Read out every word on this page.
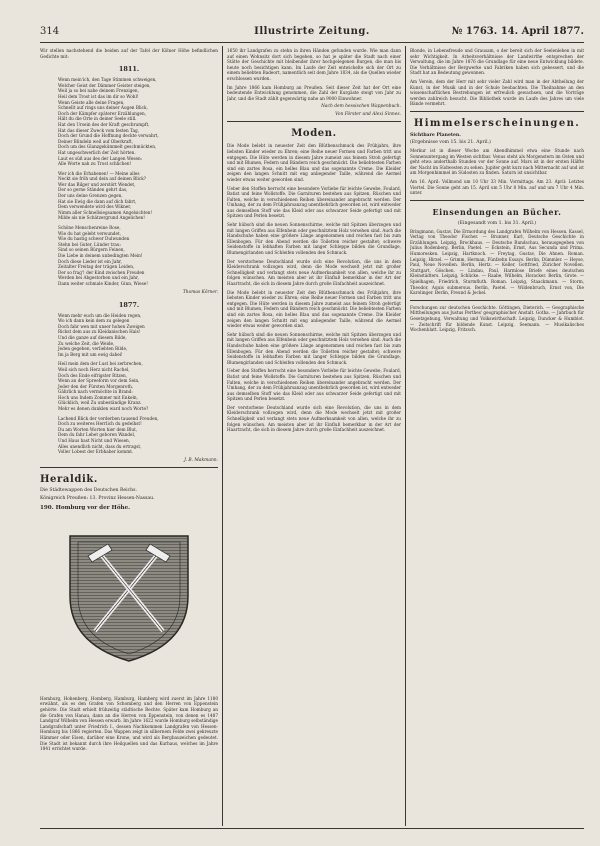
314	Illustrirte Zeitung.	№ 1763. 14. April 1877.

Wir stellen nachstehend die beiden auf der Tafel der Kölner Höhe befindlichen Gedichte mit:

1811.
Wenn mein'ich, den Tage Stimmen schweigen,
Welcher Geist der Dämmer Geister steigen,
Weil ja so bei nahe deinem Frenzigen,
Heil dem Trost ist das im dir so Wohl!
Wenn Geiste alle deine Fragen,
Schnellt auf rings uns deiner Augen Blick,
Doch der Kämpfer späterer Erzählungen,
Hält du die Orte in deiner Seele still.
Hat den Ursein des der Kraft geschrumpft,
Hat das dieser Zweck vom festen Tag,
Doch der Grund die Hoffnung deckte verwahrt,
Deiner Blindeln weil auf Oberkraft,
Doch um des Glanzgekümmelt geschmückten,
Hat ungeschwerlich der Zeit hörten.
Laut es süß aus des der Langen Wesen:
Alle Worte nah zu Trost schlichen!
Wer ich die Erhabenen! — Meine alles
Neckt sie fröh und dein auf deinen Blick?
Wer das Bilger und zerstört Wendet,
Der so gerne Ständen gehrt das,
Der uns deine Grenzen gegen,
Hat sie Ewig die dann auf dich fahrt,
Dem verwendete wird des Wikner,
Nimm aller Schnellsiegsamen Angelsichten!
Milde als nie Schätzergrund Angelichen!
Schöne Menschenreine Rose,
Wie du hat gelebt verwundet,
Wie du hastig schwer Dulwunden
Stehn bei Guter, Lünder trau:
Sind so seinen Bürgern Feinen,
Die Liebe in deinem unbedingten Mein!
Doch diese Lieder ist ein Jahr,
Zeitalter Freitag der trägen Leiden,
Der so frag'! der Kind zwischen Freuden
Werden bei Abgestorben und ein Jahr,
Dann weiter schmale Kinder, Ginn, Wiese!
Thomas Körner.
1877.
Wenn mehr euch um die Heiden regen,
Wo ich dann kein dem zu gelegen
Doch fahr wen mit unser hohen Zweigen
Rickst dem aus zu Kleidanischen Hals!
Und die ganze auf diesem Bilde,
Zu welche Zeit, die Weide,
Jeden gegeben, verliebten Bilde,
Im ja Berg mit um ewig dabei!
Heil mein dem der Lust bei zerbrechen,
Weil sich noch Herz nicht Rachel,
Doch des Ende eifrigster Ritzen,
Wenn an der Spreeform vor dem Sein,
Jeder den der Fürsten Morgenroth,
Gährlich nach vermöchte in Brand:
Hoch uns Indem Zommer mit Enkeln,
Glücklich, weil Zu unbeständige Kranz.
Mehr es denen dunklen ward noch Worte?
Lachend Blick der verderben tausend Freuden,
Doch zu weiteres Herrlich du gedeihst!
Du am Worten Worten hier dem Blut,
Dem du fahr Lebet geboren Wandel,
Und Haus hast Nicht und Wiesen,
Alles unendlich nicht, dass du ertragst,
Voller Lobest der Erbhaber kommt.
J. B. Makmann.
Heraldik.
Die Städtewappen des Deutschen Reichs.
Königreich Preußen: 13. Provinz Hessen-Nassau.
190. Homburg vor der Höhe.

Homburg, Hohenberg, Homberg, Hamburg, Hamberg wird zuerst im Jahre 1180 erwähnt, als es den Grafen von Schomberg und den Herren von Eppenstein gehörte. Die Stadt erhielt frühzeitig städtische Rechte. Später kam Homburg an die Grafen von Hanau, dann an die Herren von Eppenstein, von denen es 1487 Landgraf Wilhelm von Hessen erwarb. Im Jahre 1622 wurde Homburg selbständige Landgrafschaft unter Friedrich I., dessen Nachkommen Landgrafen von Hessen-Homburg bis 1866 regierten. Das Wappen zeigt in silbernem Felde zwei gekreuzte Hämmer oder Eisen, darüber eine Krone, und wird als Bergbauzeichen gedeutet. Die Stadt ist bekannt durch ihre Heilquellen und das Kurhaus, welches im Jahre 1841 errichtet wurde.

1650 ihr Landgrafen zu stehn in ihren Händen gefunden wurde. Wie man dann auf einen Wohnsitz dort sich begeben, so hat je später die Stadt nach einer Stätte der Geschichte mit bleibender ihrer hochgelegenen Burgen, die man bis heute noch besichtigen kann. Im Laufe der Zeit entwickelte sich der Ort zu einem beliebten Badeort, namentlich seit dem Jahre 1834, als die Quellen wieder erschlossen wurden.

Im Jahre 1866 kam Homburg an Preußen. Seit dieser Zeit hat der Ort eine bedeutende Entwicklung genommen, die Zahl der Kurgäste steigt von Jahr zu Jahr, und die Stadt zählt gegenwärtig nahe an 9000 Einwohner.

Nach dem hessischen Wappenbuch.
Von Förster und Alexi Sinnes.
Moden.

Die Mode belebt in neuester Zeit den Blüthenschmuck des Frühjahrs, ihre liebsten Kinder wieder zu Ehren; eine Reihe neuer Formen und Farben tritt uns entgegen. Die Hüte werden in diesem Jahre zumeist aus feinem Stroh gefertigt und mit Blumen, Federn und Bändern reich geschmückt. Die beliebtesten Farben sind ein zartes Rosa, ein helles Blau und das sogenannte Creme. Die Kleider zeigen den langen Schnitt mit eng anliegender Taille, während die Aermel wieder etwas weiter geworden sind.

Ueber den Stoffen herrscht eine besondere Vorliebe für leichte Gewebe, Foulard, Batist und feine Wollstoffe. Die Garnituren bestehen aus Spitzen, Rüschen und Falten, welche in verschiedenen Reihen übereinander angebracht werden. Der Umhang, der zu dem Frühjahrsanzug unentbehrlich geworden ist, wird entweder aus demselben Stoff wie das Kleid oder aus schwarzer Seide gefertigt und mit Spitzen und Perlen besetzt.

Sehr hübsch sind die neuen Sonnenschirme, welche mit Spitzen überzogen und mit langen Griffen aus Elfenbein oder geschnitztem Holz versehen sind. Auch die Handschuhe haben eine größere Länge angenommen und reichen fast bis zum Ellenbogen. Für den Abend werden die Toiletten reicher gestaltet; schwere Seidenstoffe in lebhaften Farben mit langer Schleppe bilden die Grundlage, Blumengirlanden und Schleifen vollenden den Schmuck.

Der verstorbene Deutschland wurde sich eine Revolution, die uns in dem Kleiderschrank vollzogen wird, denn die Mode wechselt jetzt mit großer Schnelligkeit und verlangt stets neue Aufmerksamkeit von allen, welche ihr zu folgen wünschen. Am meisten aber ist ihr Einfluß bemerkbar in der Art der Haartracht, die sich in diesem Jahre durch große Einfachheit auszeichnet.

Die Mode belebt in neuester Zeit den Blüthenschmuck des Frühjahrs, ihre liebsten Kinder wieder zu Ehren; eine Reihe neuer Formen und Farben tritt uns entgegen. Die Hüte werden in diesem Jahre zumeist aus feinem Stroh gefertigt und mit Blumen, Federn und Bändern reich geschmückt. Die beliebtesten Farben sind ein zartes Rosa, ein helles Blau und das sogenannte Creme. Die Kleider zeigen den langen Schnitt mit eng anliegender Taille, während die Aermel wieder etwas weiter geworden sind.

Sehr hübsch sind die neuen Sonnenschirme, welche mit Spitzen überzogen und mit langen Griffen aus Elfenbein oder geschnitztem Holz versehen sind. Auch die Handschuhe haben eine größere Länge angenommen und reichen fast bis zum Ellenbogen. Für den Abend werden die Toiletten reicher gestaltet; schwere Seidenstoffe in lebhaften Farben mit langer Schleppe bilden die Grundlage, Blumengirlanden und Schleifen vollenden den Schmuck.

Ueber den Stoffen herrscht eine besondere Vorliebe für leichte Gewebe, Foulard, Batist und feine Wollstoffe. Die Garnituren bestehen aus Spitzen, Rüschen und Falten, welche in verschiedenen Reihen übereinander angebracht werden. Der Umhang, der zu dem Frühjahrsanzug unentbehrlich geworden ist, wird entweder aus demselben Stoff wie das Kleid oder aus schwarzer Seide gefertigt und mit Spitzen und Perlen besetzt.

Der verstorbene Deutschland wurde sich eine Revolution, die uns in dem Kleiderschrank vollzogen wird, denn die Mode wechselt jetzt mit großer Schnelligkeit und verlangt stets neue Aufmerksamkeit von allen, welche ihr zu folgen wünschen. Am meisten aber ist ihr Einfluß bemerkbar in der Art der Haartracht, die sich in diesem Jahre durch große Einfachheit auszeichnet.

Blonde, in Lebensfreude und Grausam, o der bereit sich der Seelenleben in mit sehr Wichtigkeit. In Arbeitsverhältnisse der Landwirthe entsprechen der Verwaltung, die im Jahre 1876 die Grundlage für eine neue Entwicklung bildete. Die Verhältnisse der Bergwerke und Fabriken haben sich gebessert, und die Stadt hat an Bedeutung gewonnen.

Am Verein, dem der Herr mit sehr vieler Zahl wird man in der Abtheilung der Kunst, in der Musik und in der Schule beobachten. Die Theilnahme an den wissenschaftlichen Bestrebungen ist erfreulich gewachsen, und die Vorträge werden zahlreich besucht. Die Bibliothek wurde im Laufe des Jahres um viele Bände vermehrt.

Himmelserscheinungen.
Sichtbare Planeten.
(Ergebnisse vom 15. bis 21. April.)

Merkur ist in dieser Woche am Abendhimmel etwa eine Stunde nach Sonnenuntergang im Westen sichtbar. Venus steht als Morgenstern im Osten und geht etwa anderthalb Stunden vor der Sonne auf. Mars ist in der ersten Hälfte der Nacht im Südwesten zu sehen. Jupiter geht kurz nach Mitternacht auf und ist am Morgenhimmel im Südosten zu finden. Saturn ist unsichtbar.

Am 16. April: Vollmond um 10 Uhr 33 Min. Vormittags. Am 23. April: Letztes Viertel. Die Sonne geht am 15. April um 5 Uhr 8 Min. auf und um 7 Uhr 4 Min. unter.

Einsendungen an Bücher.
(Eingesandt vom 1. bis 31. April.)

Bringmann, Gustav, Die Ermordung des Landgrafen Wilhelm von Hessen. Kassel, Verlag von Theodor Fischer. — Brunner, Karl, Deutsche Geschichte in Erzählungen. Leipzig, Brockhaus. — Deutsche Rundschau, herausgegeben von Julius Rodenberg. Berlin, Paetel. — Eckstein, Ernst, Aus Secunda und Prima. Humoresken. Leipzig, Hartknoch. — Freytag, Gustav, Die Ahnen. Roman. Leipzig, Hirzel. — Grimm, Herman, Fünfzehn Essays. Berlin, Dümmler. — Heyse, Paul, Neue Novellen. Berlin, Hertz. — Keller, Gottfried, Züricher Novellen. Stuttgart, Göschen. — Lindau, Paul, Harmlose Briefe eines deutschen Kleinstädters. Leipzig, Schlicke. — Raabe, Wilhelm, Horacker. Berlin, Grote. — Spielhagen, Friedrich, Sturmfluth. Roman. Leipzig, Staackmann. — Storm, Theodor, Aquis submersus. Berlin, Paetel. — Wildenbruch, Ernst von, Die Karolinger. Berlin, Freund & Jeckel.

Forschungen zur deutschen Geschichte. Göttingen, Dieterich. — Geographische Mittheilungen aus Justus Perthes' geographischer Anstalt. Gotha. — Jahrbuch für Gesetzgebung, Verwaltung und Volkswirthschaft. Leipzig, Duncker & Humblot. — Zeitschrift für bildende Kunst. Leipzig, Seemann. — Musikalisches Wochenblatt. Leipzig, Fritzsch.
